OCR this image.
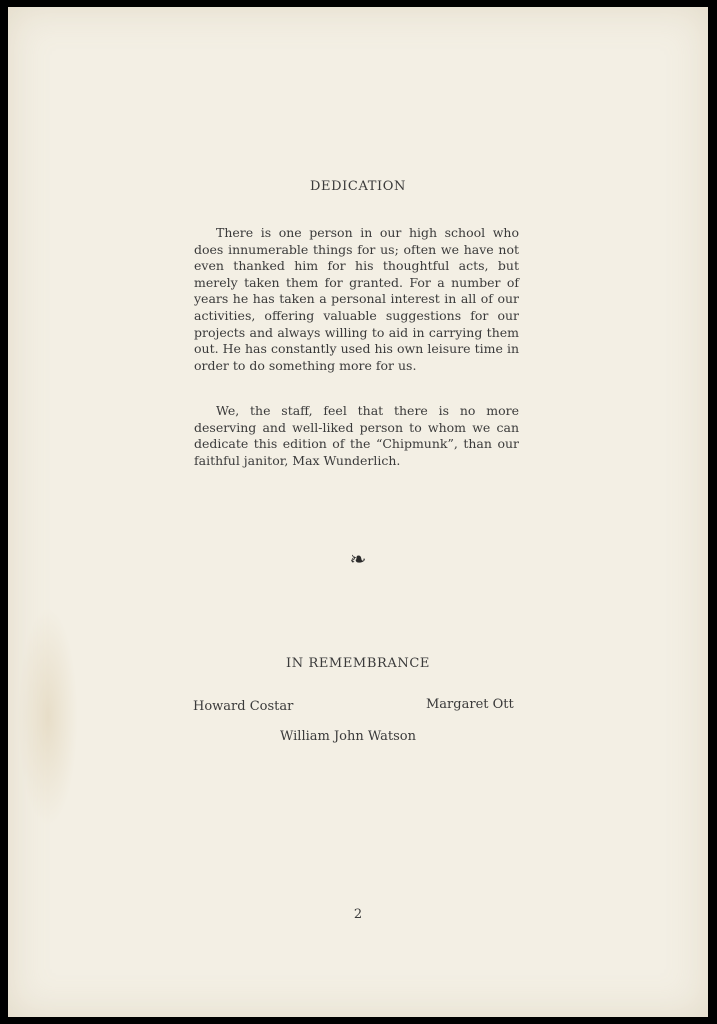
DEDICATION

There is one person in our high school who does innumerable things for us; often we have not even thanked him for his thoughtful acts, but merely taken them for granted. For a number of years he has taken a personal interest in all of our activities, offering valuable suggestions for our projects and always willing to aid in carrying them out. He has constantly used his own leisure time in order to do something more for us.

We, the staff, feel that there is no more deserving and well-liked person to whom we can dedicate this edition of the “Chipmunk”, than our faithful janitor, Max Wunderlich.

❧
IN REMEMBRANCE
Howard Costar	Margaret Ott
William John Watson
2
